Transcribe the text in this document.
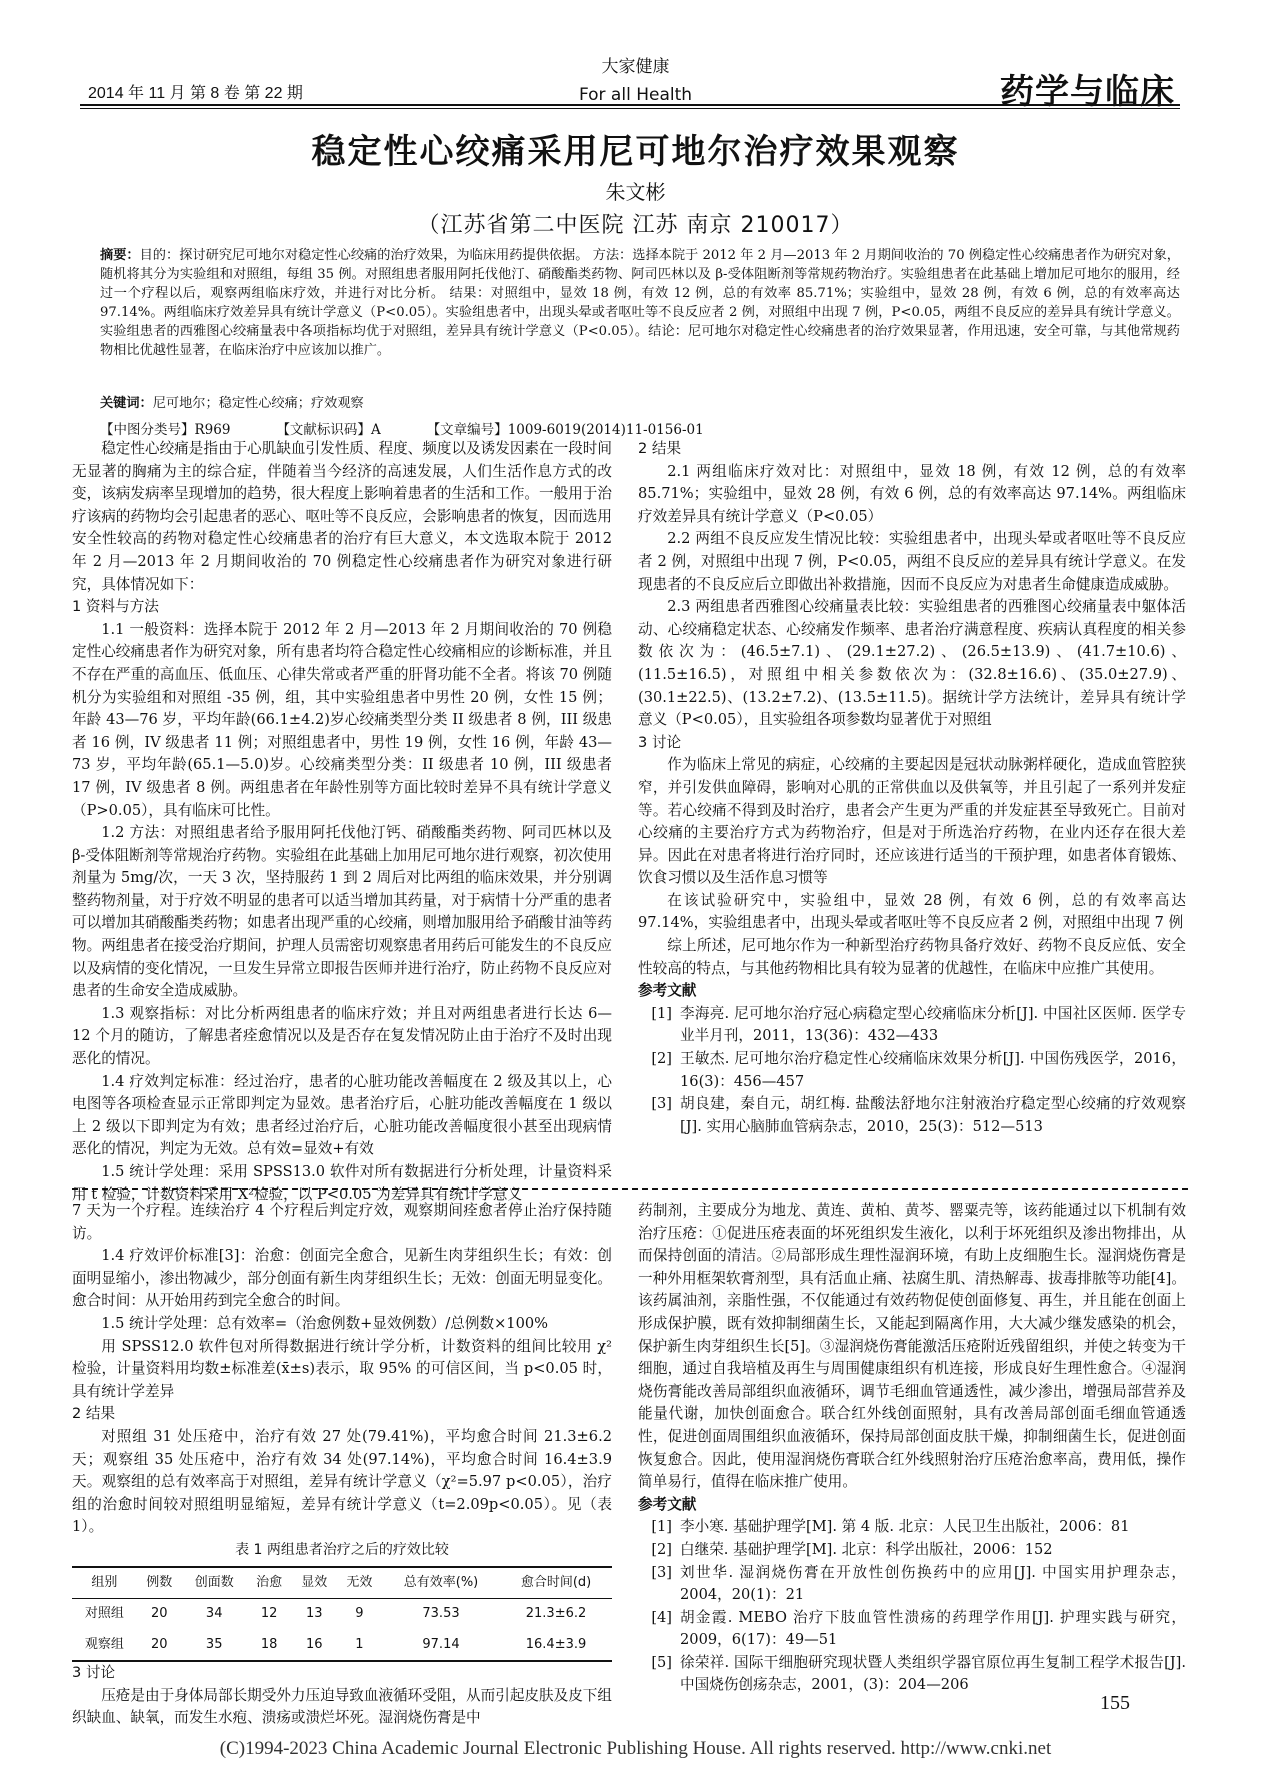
2014 年 11 月 第 8 卷 第 22 期
大家健康
For all Health	药学与临床
稳定性心绞痛采用尼可地尔治疗效果观察
朱文彬
（江苏省第二中医院 江苏 南京 210017）
摘要：目的：探讨研究尼可地尔对稳定性心绞痛的治疗效果，为临床用药提供依据。 方法：选择本院于 2012 年 2 月—2013 年 2 月期间收治的 70 例稳定性心绞痛患者作为研究对象，随机将其分为实验组和对照组，每组 35 例。对照组患者服用阿托伐他汀、硝酸酯类药物、阿司匹林以及 β-受体阻断剂等常规药物治疗。实验组患者在此基础上增加尼可地尔的服用，经过一个疗程以后，观察两组临床疗效，并进行对比分析。 结果：对照组中，显效 18 例，有效 12 例，总的有效率 85.71%；实验组中，显效 28 例，有效 6 例，总的有效率高达 97.14%。两组临床疗效差异具有统计学意义（P<0.05）。实验组患者中，出现头晕或者呕吐等不良反应者 2 例，对照组中出现 7 例，P<0.05，两组不良反应的差异具有统计学意义。实验组患者的西雅图心绞痛量表中各项指标均优于对照组，差异具有统计学意义（P<0.05）。结论：尼可地尔对稳定性心绞痛患者的治疗效果显著，作用迅速，安全可靠，与其他常规药物相比优越性显著，在临床治疗中应该加以推广。
关键词：尼可地尔；稳定性心绞痛；疗效观察
【中图分类号】R969	【文献标识码】A	【文章编号】1009-6019(2014)11-0156-01

稳定性心绞痛是指由于心肌缺血引发性质、程度、频度以及诱发因素在一段时间无显著的胸痛为主的综合症，伴随着当今经济的高速发展，人们生活作息方式的改变，该病发病率呈现增加的趋势，很大程度上影响着患者的生活和工作。一般用于治疗该病的药物均会引起患者的恶心、呕吐等不良反应，会影响患者的恢复，因而选用安全性较高的药物对稳定性心绞痛患者的治疗有巨大意义，本文选取本院于 2012 年 2 月—2013 年 2 月期间收治的 70 例稳定性心绞痛患者作为研究对象进行研究，具体情况如下：

1 资料与方法

1.1 一般资料：选择本院于 2012 年 2 月—2013 年 2 月期间收治的 70 例稳定性心绞痛患者作为研究对象，所有患者均符合稳定性心绞痛相应的诊断标准，并且不存在严重的高血压、低血压、心律失常或者严重的肝肾功能不全者。将该 70 例随机分为实验组和对照组 -35 例，组，其中实验组患者中男性 20 例，女性 15 例；年龄 43—76 岁，平均年龄(66.1±4.2)岁心绞痛类型分类 II 级患者 8 例，III 级患者 16 例，IV 级患者 11 例；对照组患者中，男性 19 例，女性 16 例，年龄 43—73 岁，平均年龄(65.1—5.0)岁。心绞痛类型分类：II 级患者 10 例，III 级患者 17 例，IV 级患者 8 例。两组患者在年龄性别等方面比较时差异不具有统计学意义（P>0.05），具有临床可比性。

1.2 方法：对照组患者给予服用阿托伐他汀钙、硝酸酯类药物、阿司匹林以及 β-受体阻断剂等常规治疗药物。实验组在此基础上加用尼可地尔进行观察，初次使用剂量为 5mg/次，一天 3 次，坚持服药 1 到 2 周后对比两组的临床效果，并分别调整药物剂量，对于疗效不明显的患者可以适当增加其药量，对于病情十分严重的患者可以增加其硝酸酯类药物；如患者出现严重的心绞痛，则增加服用给予硝酸甘油等药物。两组患者在接受治疗期间，护理人员需密切观察患者用药后可能发生的不良反应以及病情的变化情况，一旦发生异常立即报告医师并进行治疗，防止药物不良反应对患者的生命安全造成威胁。

1.3 观察指标：对比分析两组患者的临床疗效；并且对两组患者进行长达 6—12 个月的随访，了解患者痊愈情况以及是否存在复发情况防止由于治疗不及时出现恶化的情况。

1.4 疗效判定标准：经过治疗，患者的心脏功能改善幅度在 2 级及其以上，心电图等各项检查显示正常即判定为显效。患者治疗后，心脏功能改善幅度在 1 级以上 2 级以下即判定为有效；患者经过治疗后，心脏功能改善幅度很小甚至出现病情恶化的情况，判定为无效。总有效=显效+有效

1.5 统计学处理：采用 SPSS13.0 软件对所有数据进行分析处理，计量资料采用 t 检验，计数资料采用 X²检验，以 P<0.05 为差异具有统计学意义

2 结果

2.1 两组临床疗效对比：对照组中，显效 18 例，有效 12 例，总的有效率 85.71%；实验组中，显效 28 例，有效 6 例，总的有效率高达 97.14%。两组临床疗效差异具有统计学意义（P<0.05）

2.2 两组不良反应发生情况比较：实验组患者中，出现头晕或者呕吐等不良反应者 2 例，对照组中出现 7 例，P<0.05，两组不良反应的差异具有统计学意义。在发现患者的不良反应后立即做出补救措施，因而不良反应为对患者生命健康造成威胁。

2.3 两组患者西雅图心绞痛量表比较：实验组患者的西雅图心绞痛量表中躯体活动、心绞痛稳定状态、心绞痛发作频率、患者治疗满意程度、疾病认真程度的相关参数依次为：(46.5±7.1)、(29.1±27.2)、(26.5±13.9)、(41.7±10.6)、(11.5±16.5)，对照组中相关参数依次为：(32.8±16.6)、(35.0±27.9)、(30.1±22.5)、(13.2±7.2)、(13.5±11.5)。据统计学方法统计，差异具有统计学意义（P<0.05），且实验组各项参数均显著优于对照组

3 讨论

作为临床上常见的病症，心绞痛的主要起因是冠状动脉粥样硬化，造成血管腔狭窄，并引发供血障碍，影响对心肌的正常供血以及供氧等，并且引起了一系列并发症等。若心绞痛不得到及时治疗，患者会产生更为严重的并发症甚至导致死亡。目前对心绞痛的主要治疗方式为药物治疗，但是对于所选治疗药物，在业内还存在很大差异。因此在对患者将进行治疗同时，还应该进行适当的干预护理，如患者体育锻炼、饮食习惯以及生活作息习惯等

在该试验研究中，实验组中，显效 28 例，有效 6 例，总的有效率高达 97.14%，实验组患者中，出现头晕或者呕吐等不良反应者 2 例，对照组中出现 7 例

综上所述，尼可地尔作为一种新型治疗药物具备疗效好、药物不良反应低、安全性较高的特点，与其他药物相比具有较为显著的优越性，在临床中应推广其使用。

参考文献

[1] 李海亮. 尼可地尔治疗冠心病稳定型心绞痛临床分析[J]. 中国社区医师. 医学专业半月刊，2011，13(36)：432—433
[2] 王敏杰. 尼可地尔治疗稳定性心绞痛临床效果分析[J]. 中国伤残医学，2016，16(3)：456—457
[3] 胡良建，秦自元，胡红梅. 盐酸法舒地尔注射液治疗稳定型心绞痛的疗效观察[J]. 实用心脑肺血管病杂志，2010，25(3)：512—513

7 天为一个疗程。连续治疗 4 个疗程后判定疗效，观察期间痊愈者停止治疗保持随访。

1.4 疗效评价标准[3]：治愈：创面完全愈合，见新生肉芽组织生长；有效：创面明显缩小，渗出物减少，部分创面有新生肉芽组织生长；无效：创面无明显变化。愈合时间：从开始用药到完全愈合的时间。

1.5 统计学处理：总有效率=（治愈例数+显效例数）/总例数×100%

用 SPSS12.0 软件包对所得数据进行统计学分析，计数资料的组间比较用 χ² 检验，计量资料用均数±标准差(x̄±s)表示，取 95% 的可信区间，当 p<0.05 时，具有统计学差异

2 结果

对照组 31 处压疮中，治疗有效 27 处(79.41%)，平均愈合时间 21.3±6.2 天；观察组 35 处压疮中，治疗有效 34 处(97.14%)，平均愈合时间 16.4±3.9 天。观察组的总有效率高于对照组，差异有统计学意义（χ²=5.97 p<0.05），治疗组的治愈时间较对照组明显缩短，差异有统计学意义（t=2.09p<0.05）。见（表 1）。

表 1 两组患者治疗之后的疗效比较

组别	例数	创面数	治愈	显效	无效	总有效率(%)	愈合时间(d)
对照组	20	34	12	13	9	73.53	21.3±6.2
观察组	20	35	18	16	1	97.14	16.4±3.9

3 讨论

压疮是由于身体局部长期受外力压迫导致血液循环受阻，从而引起皮肤及皮下组织缺血、缺氧，而发生水疱、溃疡或溃烂坏死。湿润烧伤膏是中

药制剂，主要成分为地龙、黄连、黄柏、黄芩、罂粟壳等，该药能通过以下机制有效治疗压疮：①促进压疮表面的坏死组织发生液化，以利于坏死组织及渗出物排出，从而保持创面的清洁。②局部形成生理性湿润环境，有助上皮细胞生长。湿润烧伤膏是一种外用框架软膏剂型，具有活血止痛、祛腐生肌、清热解毒、拔毒排脓等功能[4]。该药属油剂，亲脂性强，不仅能通过有效药物促使创面修复、再生，并且能在创面上形成保护膜，既有效抑制细菌生长，又能起到隔离作用，大大减少继发感染的机会，保护新生肉芽组织生长[5]。③湿润烧伤膏能激活压疮附近残留组织，并使之转变为干细胞，通过自我培植及再生与周围健康组织有机连接，形成良好生理性愈合。④湿润烧伤膏能改善局部组织血液循环，调节毛细血管通透性，减少渗出，增强局部营养及能量代谢，加快创面愈合。联合红外线创面照射，具有改善局部创面毛细血管通透性，促进创面周围组织血液循环，保持局部创面皮肤干燥，抑制细菌生长，促进创面恢复愈合。因此，使用湿润烧伤膏联合红外线照射治疗压疮治愈率高，费用低，操作简单易行，值得在临床推广使用。

参考文献

[1] 李小寒. 基础护理学[M]. 第 4 版. 北京：人民卫生出版社，2006：81
[2] 白继荣. 基础护理学[M]. 北京：科学出版社，2006：152
[3] 刘世华. 湿润烧伤膏在开放性创伤换药中的应用[J]. 中国实用护理杂志，2004，20(1)：21
[4] 胡金霞. MEBO 治疗下肢血管性溃疡的药理学作用[J]. 护理实践与研究，2009，6(17)：49—51
[5] 徐荣祥. 国际干细胞研究现状暨人类组织学器官原位再生复制工程学术报告[J]. 中国烧伤创疡杂志，2001，(3)：204—206
155
(C)1994-2023 China Academic Journal Electronic Publishing House. All rights reserved. http://www.cnki.net
